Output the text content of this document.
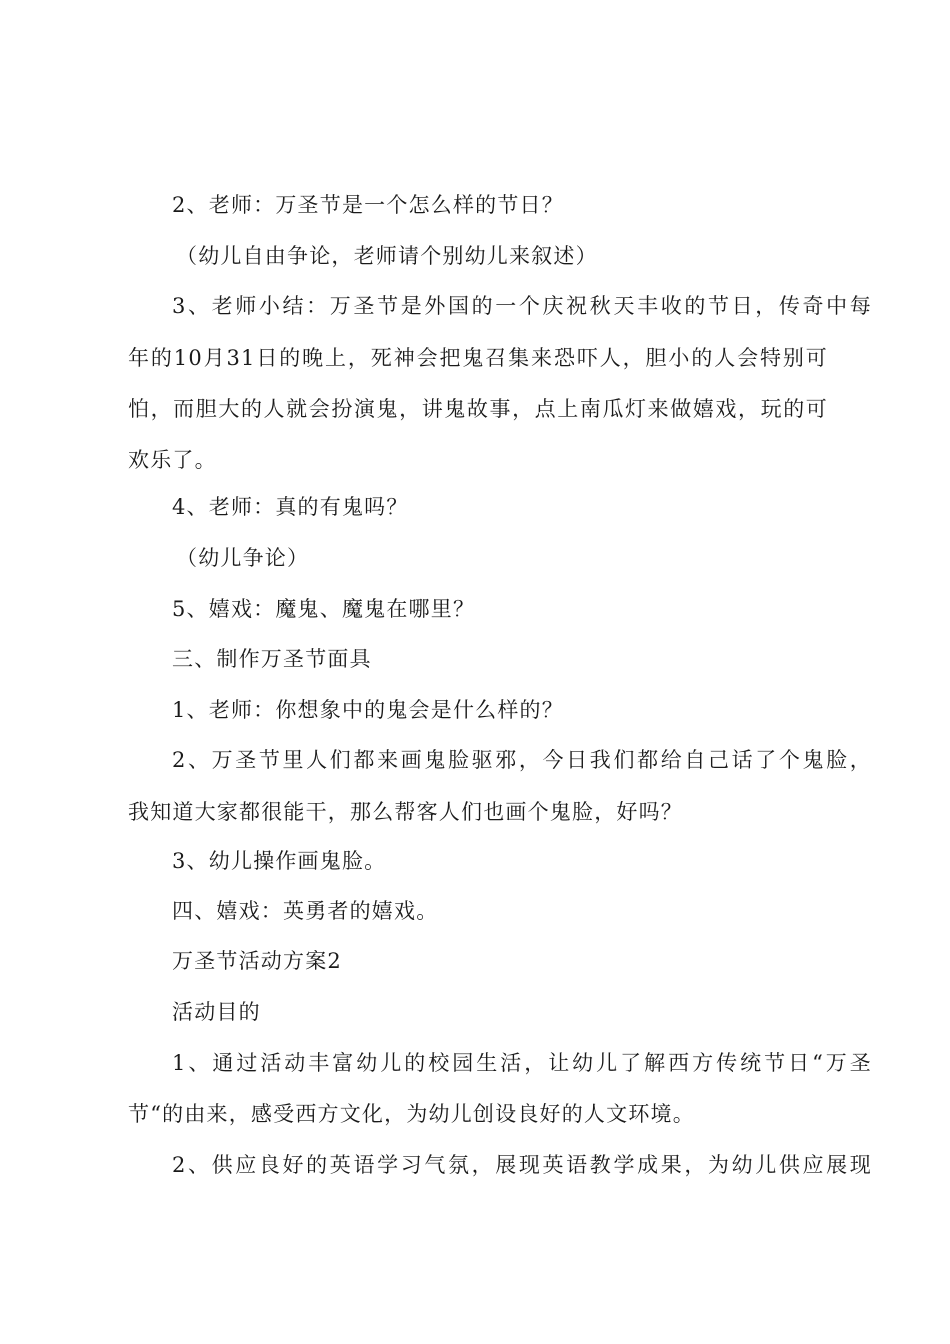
2、老师：万圣节是一个怎么样的节日？
（幼儿自由争论，老师请个别幼儿来叙述）
3、老师小结：万圣节是外国的一个庆祝秋天丰收的节日，传奇中每
年的10月31日的晚上，死神会把鬼召集来恐吓人，胆小的人会特别可
怕，而胆大的人就会扮演鬼，讲鬼故事，点上南瓜灯来做嬉戏，玩的可
欢乐了。
4、老师：真的有鬼吗？
（幼儿争论）
5、嬉戏：魔鬼、魔鬼在哪里？
三、制作万圣节面具
1、老师：你想象中的鬼会是什么样的？
2、万圣节里人们都来画鬼脸驱邪，今日我们都给自己话了个鬼脸，
我知道大家都很能干，那么帮客人们也画个鬼脸，好吗？
3、幼儿操作画鬼脸。
四、嬉戏：英勇者的嬉戏。
万圣节活动方案2
活动目的
1、通过活动丰富幼儿的校园生活，让幼儿了解西方传统节日“万圣
节“的由来，感受西方文化，为幼儿创设良好的人文环境。
2、供应良好的英语学习气氛，展现英语教学成果，为幼儿供应展现
